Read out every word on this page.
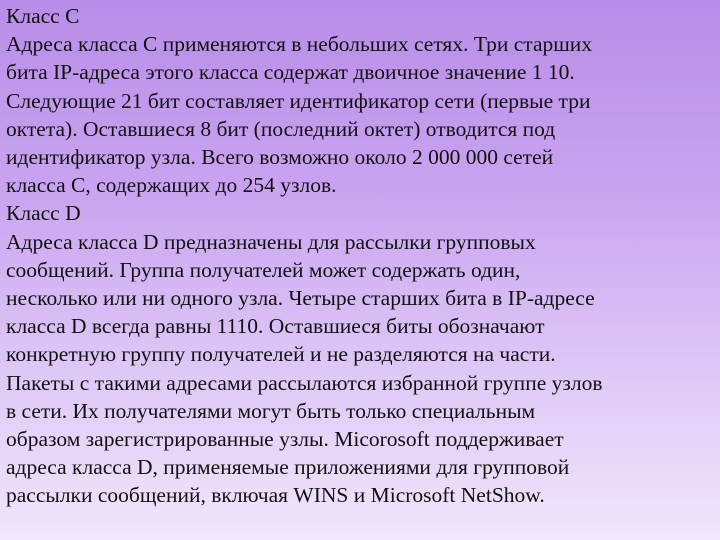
Класс С
Адреса класса С применяются в небольших сетях. Три старших
бита IP-адреса этого класса содержат двоичное значение 1 10.
Следующие 21 бит составляет идентификатор сети (первые три
октета). Оставшиеся 8 бит (последний октет) отводится под
идентификатор узла. Всего возможно около 2 000 000 сетей
класса С, содержащих до 254 узлов.
Класс D
Адреса класса D предназначены для рассылки групповых
сообщений. Группа получателей может содержать один,
несколько или ни одного узла. Четыре старших бита в IP-адресе
класса D всегда равны 1110. Оставшиеся биты обозначают
конкретную группу получателей и не разделяются на части.
Пакеты с такими адресами рассылаются избранной группе узлов
в сети. Их получателями могут быть только специальным
образом зарегистрированные узлы. Micorosoft поддерживает
адреса класса D, применяемые приложениями для групповой
рассылки сообщений, включая WINS и Microsoft NetShow.
